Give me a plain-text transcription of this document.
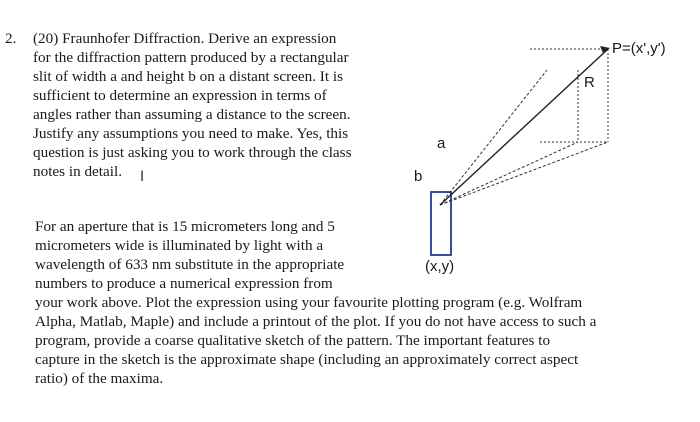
2. (20) Fraunhofer Diffraction. Derive an expression
for the diffraction pattern produced by a rectangular
slit of width a and height b on a distant screen. It is
sufficient to determine an expression in terms of
angles rather than assuming a distance to the screen.
Justify any assumptions you need to make. Yes, this
question is just asking you to work through the class
notes in detail. I
For an aperture that is 15 micrometers long and 5
micrometers wide is illuminated by light with a
wavelength of 633 nm substitute in the appropriate
numbers to produce a numerical expression from
your work above. Plot the expression using your favourite plotting program (e.g. Wolfram
Alpha, Matlab, Maple) and include a printout of the plot. If you do not have access to such a
program, provide a coarse qualitative sketch of the pattern. The important features to
capture in the sketch is the approximate shape (including an approximately correct aspect
ratio) of the maxima.
P=(x',y')
R
a
b
(x,y)
